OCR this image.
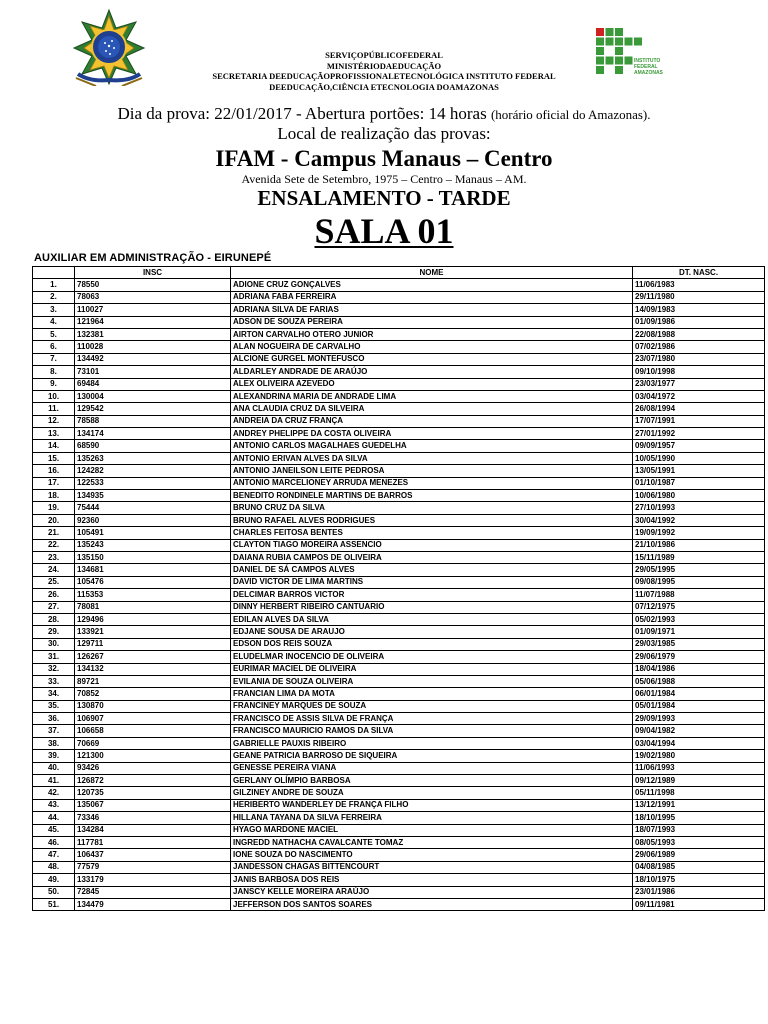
INSTITUTO FEDERAL
AMAZONAS
SERVIÇOPÚBLICOFEDERAL
MINISTÉRIODAEDUCAÇÃO
SECRETARIA DEEDUCAÇÃOPROFISSIONALETECNOLÓGICA INSTITUTO FEDERAL
DEEDUCAÇÃO,CIÊNCIA ETECNOLOGIA DOAMAZONAS
Dia da prova: 22/01/2017 - Abertura portões: 14 horas (horário oficial do Amazonas).
Local de realização das provas:
IFAM - Campus Manaus – Centro
Avenida Sete de Setembro, 1975 – Centro – Manaus – AM.
ENSALAMENTO - TARDE
SALA 01
AUXILIAR EM ADMINISTRAÇÃO - EIRUNEPÉ
	INSC	NOME	DT. NASC.
1.	78550	ADIONE CRUZ GONÇALVES	11/06/1983
2.	78063	ADRIANA FABA FERREIRA	29/11/1980
3.	110027	ADRIANA SILVA DE FARIAS	14/09/1983
4.	121964	ADSON DE SOUZA PEREIRA	01/09/1986
5.	132381	AIRTON CARVALHO OTERO JUNIOR	22/08/1988
6.	110028	ALAN NOGUEIRA DE CARVALHO	07/02/1986
7.	134492	ALCIONE GURGEL MONTEFUSCO	23/07/1980
8.	73101	ALDARLEY ANDRADE DE ARAÚJO	09/10/1998
9.	69484	ALEX OLIVEIRA AZEVEDO	23/03/1977
10.	130004	ALEXANDRINA MARIA DE ANDRADE LIMA	03/04/1972
11.	129542	ANA CLAUDIA CRUZ DA SILVEIRA	26/08/1994
12.	78588	ANDREIA DA CRUZ FRANÇA	17/07/1991
13.	134174	ANDREY PHELIPPE DA COSTA OLIVEIRA	27/01/1992
14.	68590	ANTONIO CARLOS MAGALHAES GUEDELHA	09/09/1957
15.	135263	ANTONIO ERIVAN ALVES DA SILVA	10/05/1990
16.	124282	ANTONIO JANEILSON LEITE PEDROSA	13/05/1991
17.	122533	ANTONIO MARCELIONEY ARRUDA MENEZES	01/10/1987
18.	134935	BENEDITO RONDINELE MARTINS DE BARROS	10/06/1980
19.	75444	BRUNO CRUZ DA SILVA	27/10/1993
20.	92360	BRUNO RAFAEL ALVES RODRIGUES	30/04/1992
21.	105491	CHARLES FEITOSA BENTES	19/09/1992
22.	135243	CLAYTON TIAGO MOREIRA ASSENCIO	21/10/1986
23.	135150	DAIANA RUBIA CAMPOS DE OLIVEIRA	15/11/1989
24.	134681	DANIEL DE SÁ CAMPOS ALVES	29/05/1995
25.	105476	DAVID VICTOR DE LIMA MARTINS	09/08/1995
26.	115353	DELCIMAR BARROS VICTOR	11/07/1988
27.	78081	DINNY HERBERT RIBEIRO CANTUARIO	07/12/1975
28.	129496	EDILAN ALVES DA SILVA	05/02/1993
29.	133921	EDJANE SOUSA DE ARAUJO	01/09/1971
30.	129711	EDSON DOS REIS SOUZA	29/03/1985
31.	126267	ELUDELMAR INOCENCIO DE OLIVEIRA	29/06/1979
32.	134132	EURIMAR MACIEL DE OLIVEIRA	18/04/1986
33.	89721	EVILANIA DE SOUZA OLIVEIRA	05/06/1988
34.	70852	FRANCIAN LIMA DA MOTA	06/01/1984
35.	130870	FRANCINEY MARQUES DE SOUZA	05/01/1984
36.	106907	FRANCISCO DE ASSIS SILVA DE FRANÇA	29/09/1993
37.	106658	FRANCISCO MAURICIO RAMOS DA SILVA	09/04/1982
38.	70669	GABRIELLE PAUXIS RIBEIRO	03/04/1994
39.	121300	GEANE PATRICIA BARROSO DE SIQUEIRA	19/02/1980
40.	93426	GENESSE PEREIRA VIANA	11/06/1993
41.	126872	GERLANY OLÍMPIO BARBOSA	09/12/1989
42.	120735	GILZINEY ANDRE DE SOUZA	05/11/1998
43.	135067	HERIBERTO WANDERLEY DE FRANÇA FILHO	13/12/1991
44.	73346	HILLANA TAYANA DA SILVA FERREIRA	18/10/1995
45.	134284	HYAGO MARDONE MACIEL	18/07/1993
46.	117781	INGREDD NATHACHA CAVALCANTE TOMAZ	08/05/1993
47.	106437	IONE SOUZA DO NASCIMENTO	29/06/1989
48.	77579	JANDESSON CHAGAS BITTENCOURT	04/08/1985
49.	133179	JANIS BARBOSA DOS REIS	18/10/1975
50.	72845	JANSCY KELLE MOREIRA ARAÚJO	23/01/1986
51.	134479	JEFFERSON DOS SANTOS SOARES	09/11/1981
